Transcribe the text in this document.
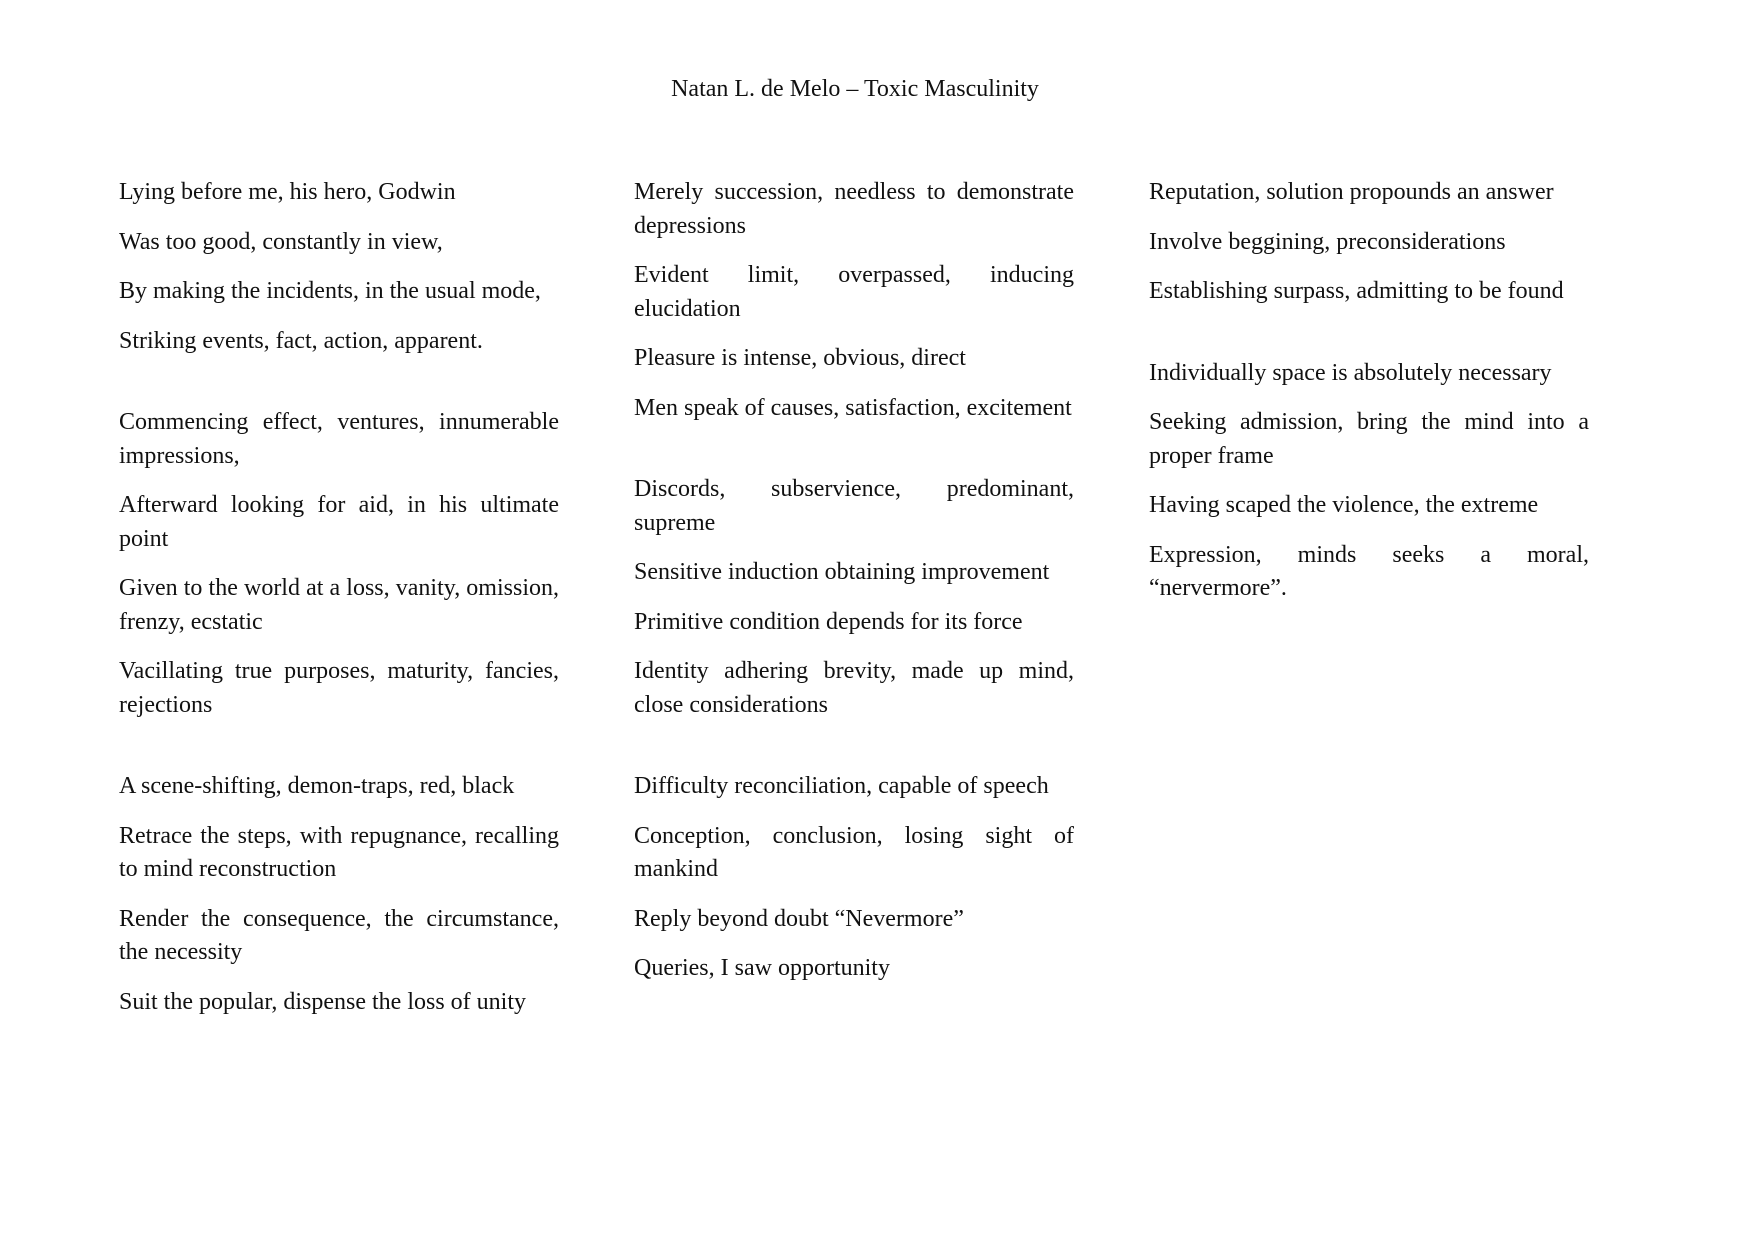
Natan L. de Melo – Toxic Masculinity

Lying before me, his hero, Godwin

Was too good, constantly in view,

By making the incidents, in the usual mode,

Striking events, fact, action, apparent.

Commencing effect, ventures, innumerable impressions,

Afterward looking for aid, in his ultimate point

Given to the world at a loss, vanity, omission, frenzy, ecstatic

Vacillating true purposes, maturity, fancies, rejections

A scene-shifting, demon-traps, red, black

Retrace the steps, with repugnance, recalling to mind reconstruction

Render the consequence, the circumstance, the necessity

Suit the popular, dispense the loss of unity

Merely succession, needless to demonstrate depressions

Evident limit, overpassed, inducing elucidation

Pleasure is intense, obvious, direct

Men speak of causes, satisfaction, excitement

Discords, subservience, predominant, supreme

Sensitive induction obtaining improvement

Primitive condition depends for its force

Identity adhering brevity, made up mind, close considerations

Difficulty reconciliation, capable of speech

Conception, conclusion, losing sight of mankind

Reply beyond doubt “Nevermore”

Queries, I saw opportunity

Reputation, solution propounds an answer

Involve beggining, preconsiderations

Establishing surpass, admitting to be found

Individually space is absolutely necessary

Seeking admission, bring the mind into a proper frame

Having scaped the violence, the extreme

Expression, minds seeks a moral, “nervermore”.
